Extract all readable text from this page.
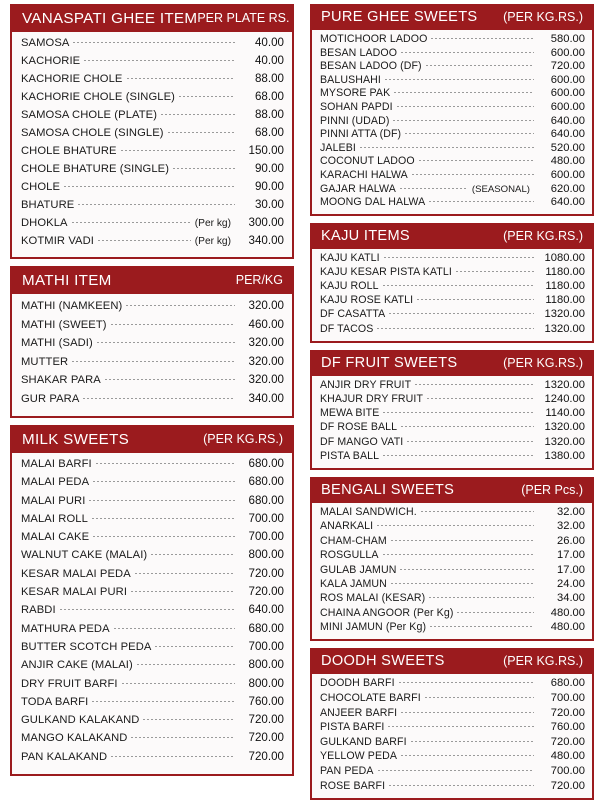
VANASPATI GHEE ITEM PER PLATE RS.
SAMOSA	40.00
KACHORIE	40.00
KACHORIE CHOLE	88.00
KACHORIE CHOLE (SINGLE)	68.00
SAMOSA CHOLE (PLATE)	88.00
SAMOSA CHOLE (SINGLE)	68.00
CHOLE BHATURE	150.00
CHOLE BHATURE (SINGLE)	90.00
CHOLE	90.00
BHATURE	30.00
DHOKLA	(Per kg)	300.00
KOTMIR VADI	(Per kg)	340.00
MATHI ITEM	PER/KG
MATHI (NAMKEEN)	320.00
MATHI (SWEET)	460.00
MATHI (SADI)	320.00
MUTTER	320.00
SHAKAR PARA	320.00
GUR PARA	340.00
MILK SWEETS	(PER KG.RS.)
MALAI BARFI	680.00
MALAI PEDA	680.00
MALAI PURI	680.00
MALAI ROLL	700.00
MALAI CAKE	700.00
WALNUT CAKE (MALAI)	800.00
KESAR MALAI PEDA	720.00
KESAR MALAI PURI	720.00
RABDI	640.00
MATHURA PEDA	680.00
BUTTER SCOTCH PEDA	700.00
ANJIR CAKE (MALAI)	800.00
DRY FRUIT BARFI	800.00
TODA BARFI	760.00
GULKAND KALAKAND	720.00
MANGO KALAKAND	720.00
PAN KALAKAND	720.00
PURE GHEE SWEETS (PER KG.RS.)
MOTICHOOR LADOO	580.00
BESAN LADOO	600.00
BESAN LADOO (DF)	720.00
BALUSHAHI	600.00
MYSORE PAK	600.00
SOHAN PAPDI	600.00
PINNI (UDAD)	640.00
PINNI ATTA (DF)	640.00
JALEBI	520.00
COCONUT LADOO	480.00
KARACHI HALWA	600.00
GAJAR HALWA	(SEASONAL)	620.00
MOONG DAL HALWA	640.00
KAJU ITEMS	(PER KG.RS.)
KAJU KATLI	1080.00
KAJU KESAR PISTA KATLI	1180.00
KAJU ROLL	1180.00
KAJU ROSE KATLI	1180.00
DF CASATTA	1320.00
DF TACOS	1320.00
DF FRUIT SWEETS	(PER KG.RS.)
ANJIR DRY FRUIT	1320.00
KHAJUR DRY FRUIT	1240.00
MEWA BITE	1140.00
DF ROSE BALL	1320.00
DF MANGO VATI	1320.00
PISTA BALL	1380.00
BENGALI SWEETS	(PER Pcs.)
MALAI SANDWICH.	32.00
ANARKALI	32.00
CHAM-CHAM	26.00
ROSGULLA	17.00
GULAB JAMUN	17.00
KALA JAMUN	24.00
ROS MALAI (KESAR)	34.00
CHAINA ANGOOR (Per Kg)	480.00
MINI JAMUN (Per Kg)	480.00
DOODH SWEETS	(PER KG.RS.)
DOODH BARFI	680.00
CHOCOLATE BARFI	700.00
ANJEER BARFI	720.00
PISTA BARFI	760.00
GULKAND BARFI	720.00
YELLOW PEDA	480.00
PAN PEDA	700.00
ROSE BARFI	720.00
